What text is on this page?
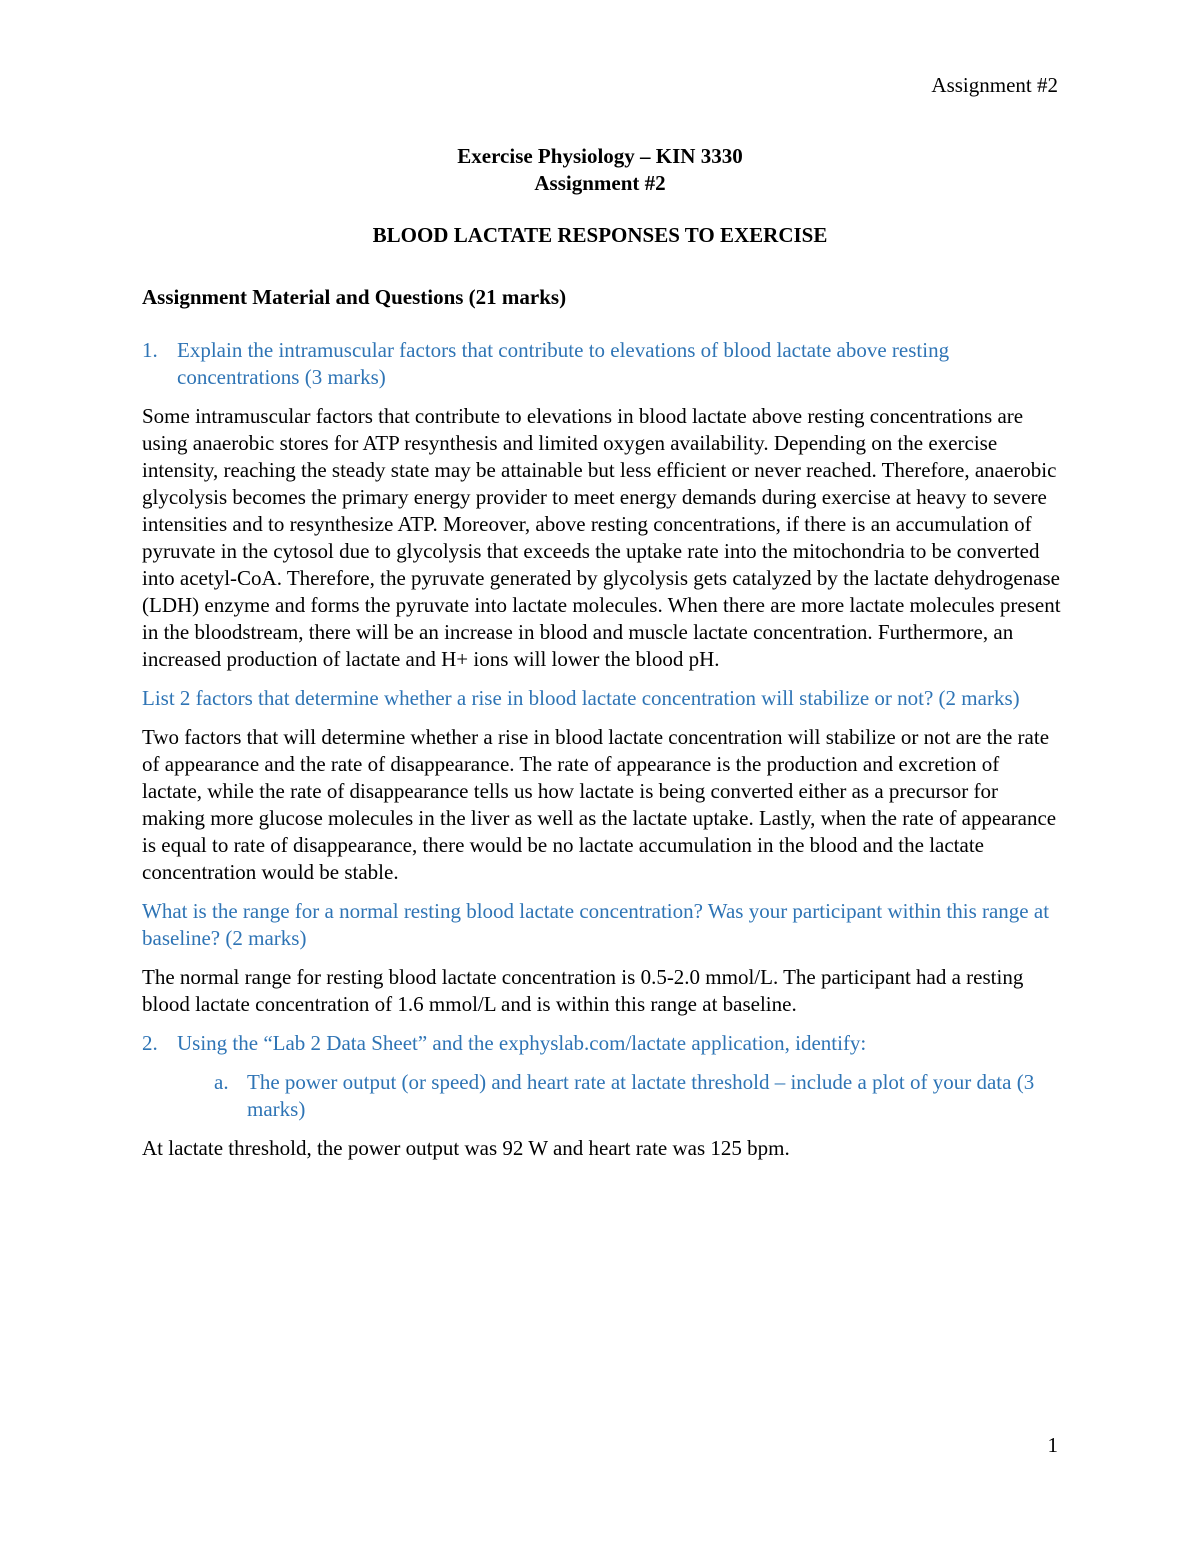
Assignment #2
Exercise Physiology – KIN 3330
Assignment #2
BLOOD LACTATE RESPONSES TO EXERCISE
Assignment Material and Questions (21 marks)
1. Explain the intramuscular factors that contribute to elevations of blood lactate above resting concentrations (3 marks)

Some intramuscular factors that contribute to elevations in blood lactate above resting concentrations are using anaerobic stores for ATP resynthesis and limited oxygen availability. Depending on the exercise intensity, reaching the steady state may be attainable but less efficient or never reached. Therefore, anaerobic glycolysis becomes the primary energy provider to meet energy demands during exercise at heavy to severe intensities and to resynthesize ATP. Moreover, above resting concentrations, if there is an accumulation of pyruvate in the cytosol due to glycolysis that exceeds the uptake rate into the mitochondria to be converted into acetyl-CoA. Therefore, the pyruvate generated by glycolysis gets catalyzed by the lactate dehydrogenase (LDH) enzyme and forms the pyruvate into lactate molecules. When there are more lactate molecules present in the bloodstream, there will be an increase in blood and muscle lactate concentration. Furthermore, an increased production of lactate and H+ ions will lower the blood pH.

List 2 factors that determine whether a rise in blood lactate concentration will stabilize or not? (2 marks)

Two factors that will determine whether a rise in blood lactate concentration will stabilize or not are the rate of appearance and the rate of disappearance. The rate of appearance is the production and excretion of lactate, while the rate of disappearance tells us how lactate is being converted either as a precursor for making more glucose molecules in the liver as well as the lactate uptake. Lastly, when the rate of appearance is equal to rate of disappearance, there would be no lactate accumulation in the blood and the lactate concentration would be stable.

What is the range for a normal resting blood lactate concentration? Was your participant within this range at baseline? (2 marks)

The normal range for resting blood lactate concentration is 0.5-2.0 mmol/L. The participant had a resting blood lactate concentration of 1.6 mmol/L and is within this range at baseline.

2. Using the “Lab 2 Data Sheet” and the exphyslab.com/lactate application, identify:
a. The power output (or speed) and heart rate at lactate threshold – include a plot of your data (3 marks)

At lactate threshold, the power output was 92 W and heart rate was 125 bpm.

1
